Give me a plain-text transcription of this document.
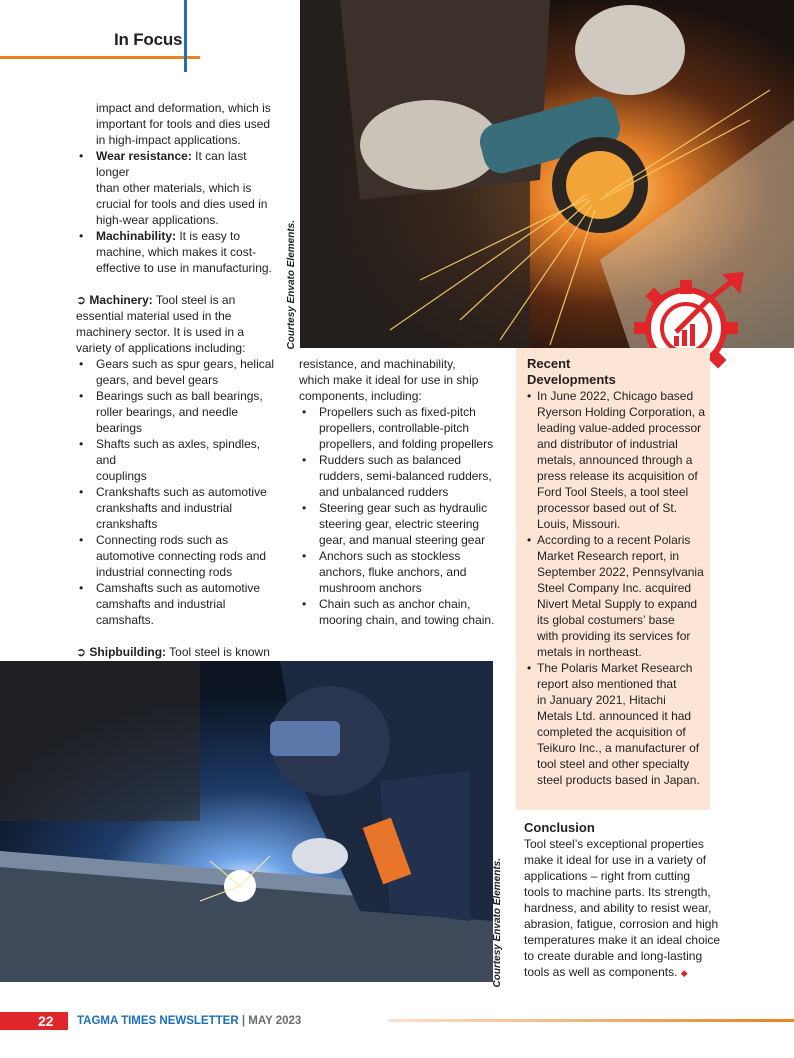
In Focus
Courtesy Envato Elements.

impact and deformation, which is

important for tools and dies used

in high-impact applications.

• Wear resistance: It can last longer

than other materials, which is

crucial for tools and dies used in

high-wear applications.

• Machinability: It is easy to

machine, which makes it cost-

effective to use in manufacturing.

➲ Machinery: Tool steel is an

essential material used in the

machinery sector. It is used in a

variety of applications including:

• Gears such as spur gears, helical

gears, and bevel gears

• Bearings such as ball bearings,

roller bearings, and needle

bearings

• Shafts such as axles, spindles, and

couplings

• Crankshafts such as automotive

crankshafts and industrial

crankshafts

• Connecting rods such as

automotive connecting rods and

industrial connecting rods

• Camshafts such as automotive

camshafts and industrial

camshafts.

➲ Shipbuilding: Tool steel is known

resistance, and machinability,

which make it ideal for use in ship

components, including:

• Propellers such as fixed-pitch

propellers, controllable-pitch

propellers, and folding propellers

• Rudders such as balanced

rudders, semi-balanced rudders,

and unbalanced rudders

• Steering gear such as hydraulic

steering gear, electric steering

gear, and manual steering gear

• Anchors such as stockless

anchors, fluke anchors, and

mushroom anchors

• Chain such as anchor chain,

mooring chain, and towing chain.

Recent

Developments

• In June 2022, Chicago based

Ryerson Holding Corporation, a

leading value-added processor

and distributor of industrial

metals, announced through a

press release its acquisition of

Ford Tool Steels, a tool steel

processor based out of St.

Louis, Missouri.

• According to a recent Polaris

Market Research report, in

September 2022, Pennsylvania

Steel Company Inc. acquired

Nivert Metal Supply to expand

its global costumers’ base

with providing its services for

metals in northeast.

• The Polaris Market Research

report also mentioned that

in January 2021, Hitachi

Metals Ltd. announced it had

completed the acquisition of

Teikuro Inc., a manufacturer of

tool steel and other specialty

steel products based in Japan.

Courtesy Envato Elements.

Conclusion

Tool steel’s exceptional properties

make it ideal for use in a variety of

applications – right from cutting

tools to machine parts. Its strength,

hardness, and ability to resist wear,

abrasion, fatigue, corrosion and high

temperatures make it an ideal choice

to create durable and long-lasting

tools as well as components. ◆

22 TAGMA TIMES NEWSLETTER | MAY 2023
